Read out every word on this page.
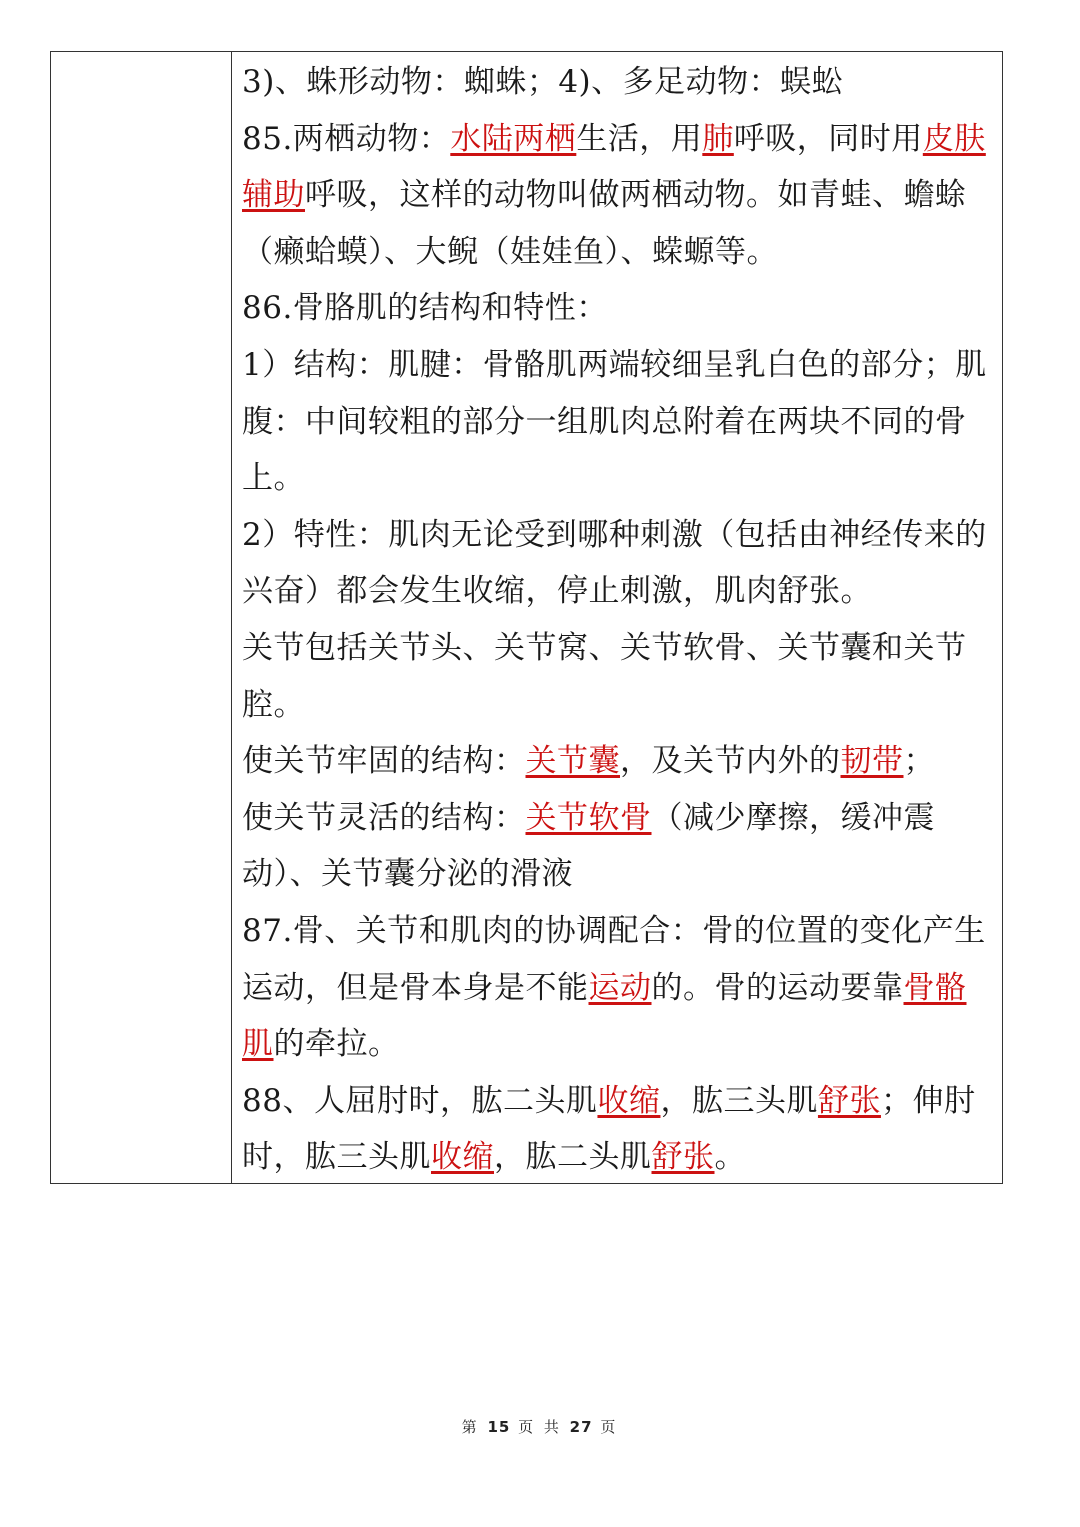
3)、蛛形动物：蜘蛛；4)、多足动物：蜈蚣

85.两栖动物：水陆两栖生活，用肺呼吸，同时用皮肤辅助呼吸，这样的动物叫做两栖动物。如青蛙、蟾蜍（癞蛤蟆）、大鲵（娃娃鱼）、蝾螈等。

86.骨胳肌的结构和特性：

1）结构：肌腱：骨骼肌两端较细呈乳白色的部分；肌腹：中间较粗的部分一组肌肉总附着在两块不同的骨上。

2）特性：肌肉无论受到哪种刺激（包括由神经传来的兴奋）都会发生收缩，停止刺激，肌肉舒张。

关节包括关节头、关节窝、关节软骨、关节囊和关节腔。

使关节牢固的结构：关节囊，及关节内外的韧带；

使关节灵活的结构：关节软骨（减少摩擦，缓冲震动）、关节囊分泌的滑液

87.骨、关节和肌肉的协调配合：骨的位置的变化产生运动，但是骨本身是不能运动的。骨的运动要靠骨骼肌的牵拉。

88、人屈肘时，肱二头肌收缩，肱三头肌舒张；伸肘时，肱三头肌收缩，肱二头肌舒张。

第 15 页 共 27 页
